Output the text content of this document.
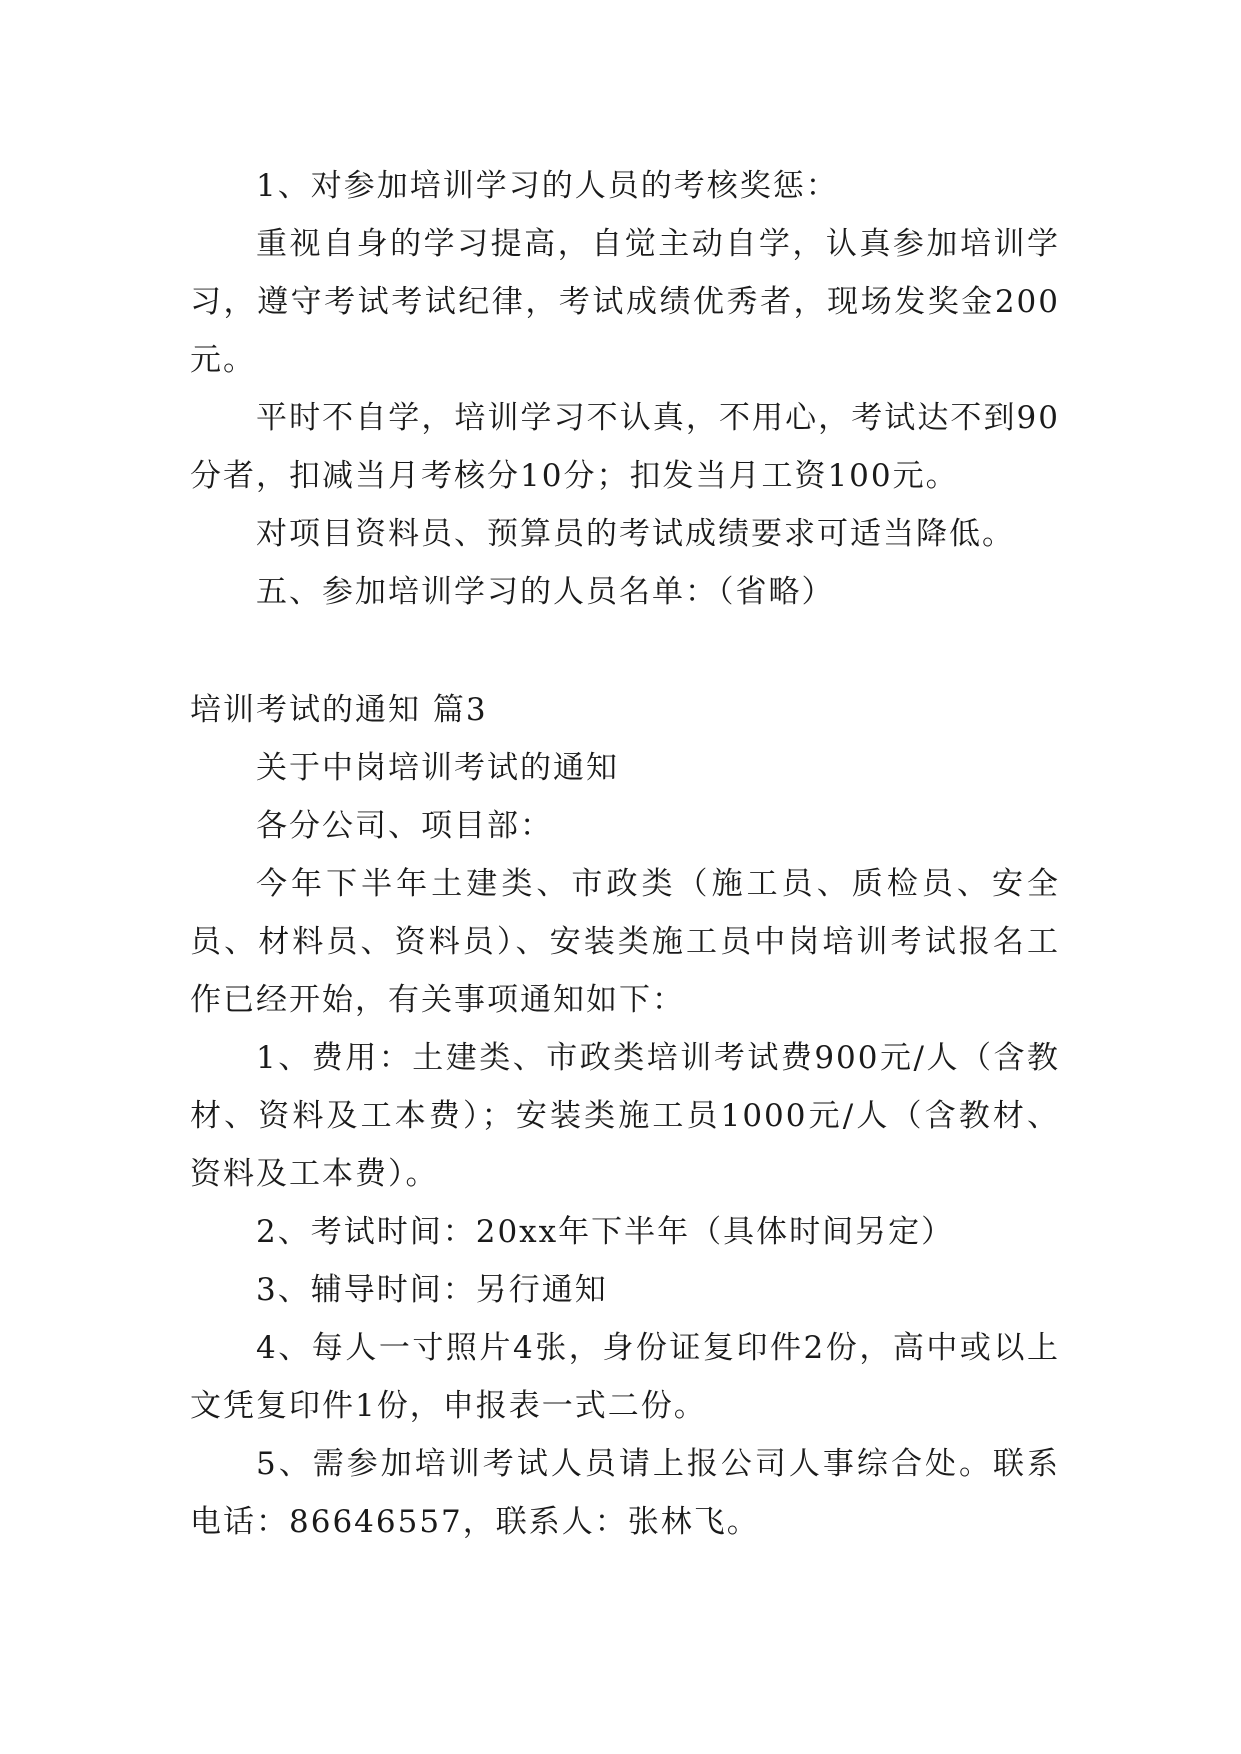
1、对参加培训学习的人员的考核奖惩：

重视自身的学习提高，自觉主动自学，认真参加培训学习，遵守考试考试纪律，考试成绩优秀者，现场发奖金200元。

平时不自学，培训学习不认真，不用心，考试达不到90分者，扣减当月考核分10分；扣发当月工资100元。

对项目资料员、预算员的考试成绩要求可适当降低。

五、参加培训学习的人员名单：（省略）

培训考试的通知 篇3

关于中岗培训考试的通知

各分公司、项目部：

今年下半年土建类、市政类（施工员、质检员、安全员、材料员、资料员）、安装类施工员中岗培训考试报名工作已经开始，有关事项通知如下：

1、费用：土建类、市政类培训考试费900元/人（含教材、资料及工本费）；安装类施工员1000元/人（含教材、资料及工本费）。

2、考试时间：20xx年下半年（具体时间另定）

3、辅导时间：另行通知

4、每人一寸照片4张，身份证复印件2份，高中或以上文凭复印件1份，申报表一式二份。

5、需参加培训考试人员请上报公司人事综合处。联系电话：86646557，联系人：张林飞。
